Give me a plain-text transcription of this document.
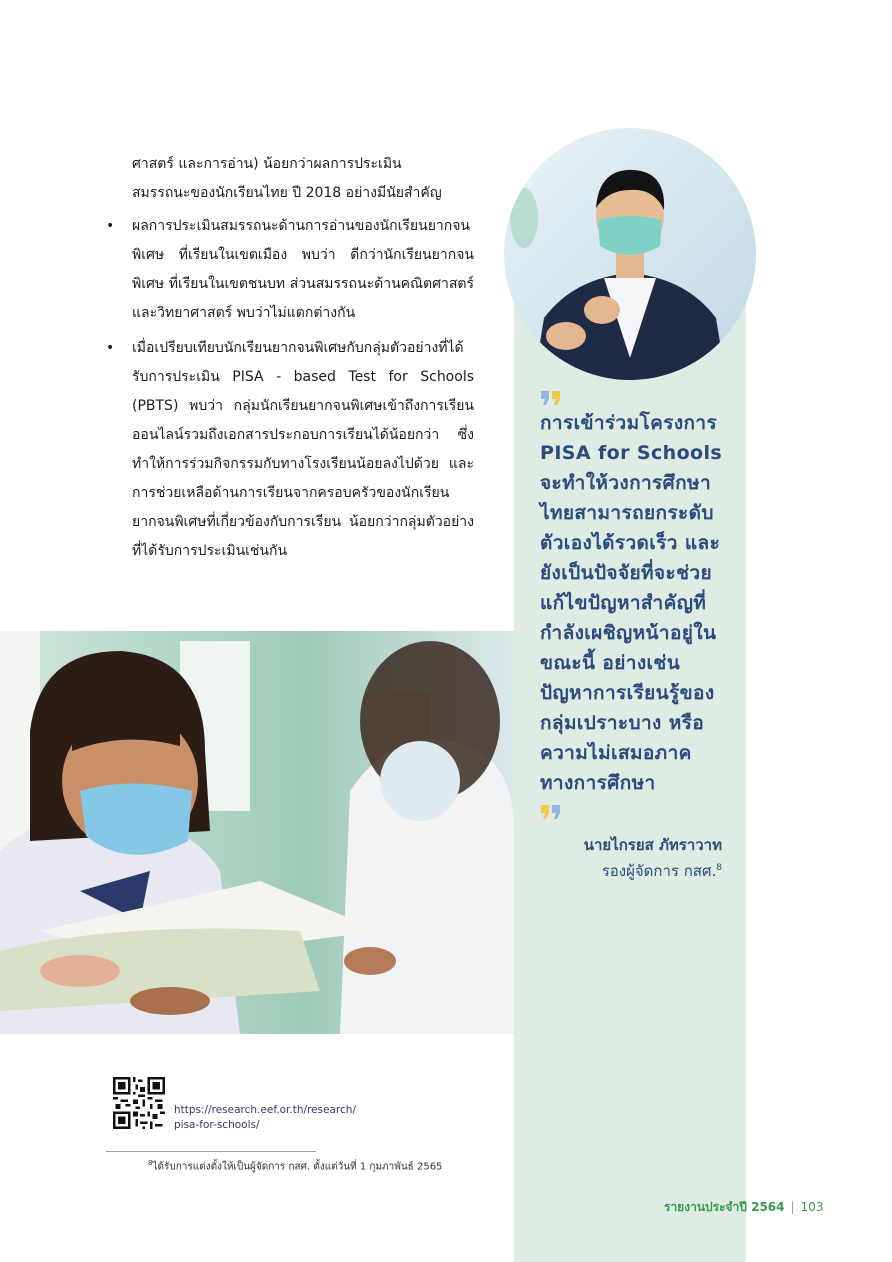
ศาสตร์ และการอ่าน) น้อยกว่าผลการประเมิน

สมรรถนะของนักเรียนไทย ปี 2018 อย่างมีนัยสำคัญ

• ผลการประเมินสมรรถนะด้านการอ่านของนักเรียนยากจนพิเศษ ที่เรียนในเขตเมือง พบว่า ดีกว่านักเรียนยากจนพิเศษ ที่เรียนในเขตชนบท ส่วนสมรรถนะด้านคณิตศาสตร์และวิทยาศาสตร์ พบว่าไม่แตกต่างกัน
• เมื่อเปรียบเทียบนักเรียนยากจนพิเศษกับกลุ่มตัวอย่างที่ได้รับการประเมิน PISA - based Test for Schools (PBTS) พบว่า กลุ่มนักเรียนยากจนพิเศษเข้าถึงการเรียนออนไลน์รวมถึงเอกสารประกอบการเรียนได้น้อยกว่า ซึ่งทำให้การร่วมกิจกรรมกับทางโรงเรียนน้อยลงไปด้วย และการช่วยเหลือด้านการเรียนจากครอบครัวของนักเรียนยากจนพิเศษที่เกี่ยวข้องกับการเรียน น้อยกว่ากลุ่มตัวอย่างที่ได้รับการประเมินเช่นกัน
การเข้าร่วมโครงการ PISA for Schools จะทำให้วงการศึกษาไทยสามารถยกระดับตัวเองได้รวดเร็ว และยังเป็นปัจจัยที่จะช่วยแก้ไขปัญหาสำคัญที่กำลังเผชิญหน้าอยู่ในขณะนี้ อย่างเช่น ปัญหาการเรียนรู้ของกลุ่มเปราะบาง หรือ ความไม่เสมอภาคทางการศึกษา
นายไกรยส ภัทราวาท
รองผู้จัดการ กสศ.$^8$
https://research.eef.or.th/research/
pisa-for-schools/
$^8$ได้รับการแต่งตั้งให้เป็นผู้จัดการ กสศ. ตั้งแต่วันที่ 1 กุมภาพันธ์ 2565
รายงานประจำปี 2564 | 103
